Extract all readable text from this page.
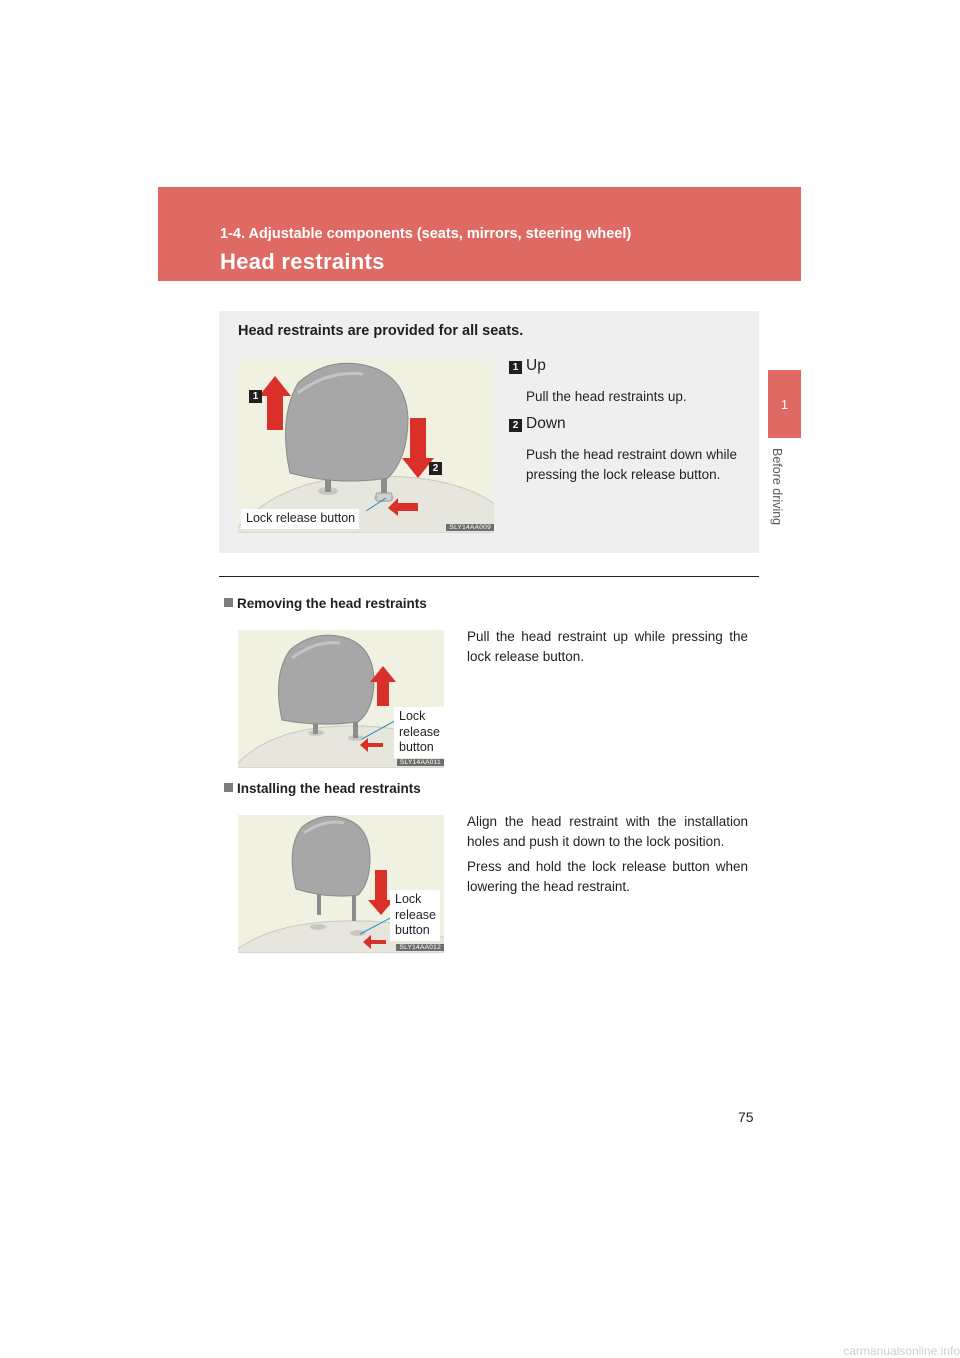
1-4. Adjustable components (seats, mirrors, steering wheel)
Head restraints
1
Before driving
Head restraints are provided for all seats.
1
2
Lock release button
SLY14AA009
1 Up
Pull the head restraints up.
2 Down
Push the head restraint down while pressing the lock release button.
Removing the head restraints
Lock
release
button
SLY14AA011
Pull the head restraint up while pressing the lock release button.
Installing the head restraints
Lock
release
button
SLY14AA012
Align the head restraint with the installation holes and push it down to the lock position.
Press and hold the lock release button when lowering the head restraint.
75
carmanualsonline.info
